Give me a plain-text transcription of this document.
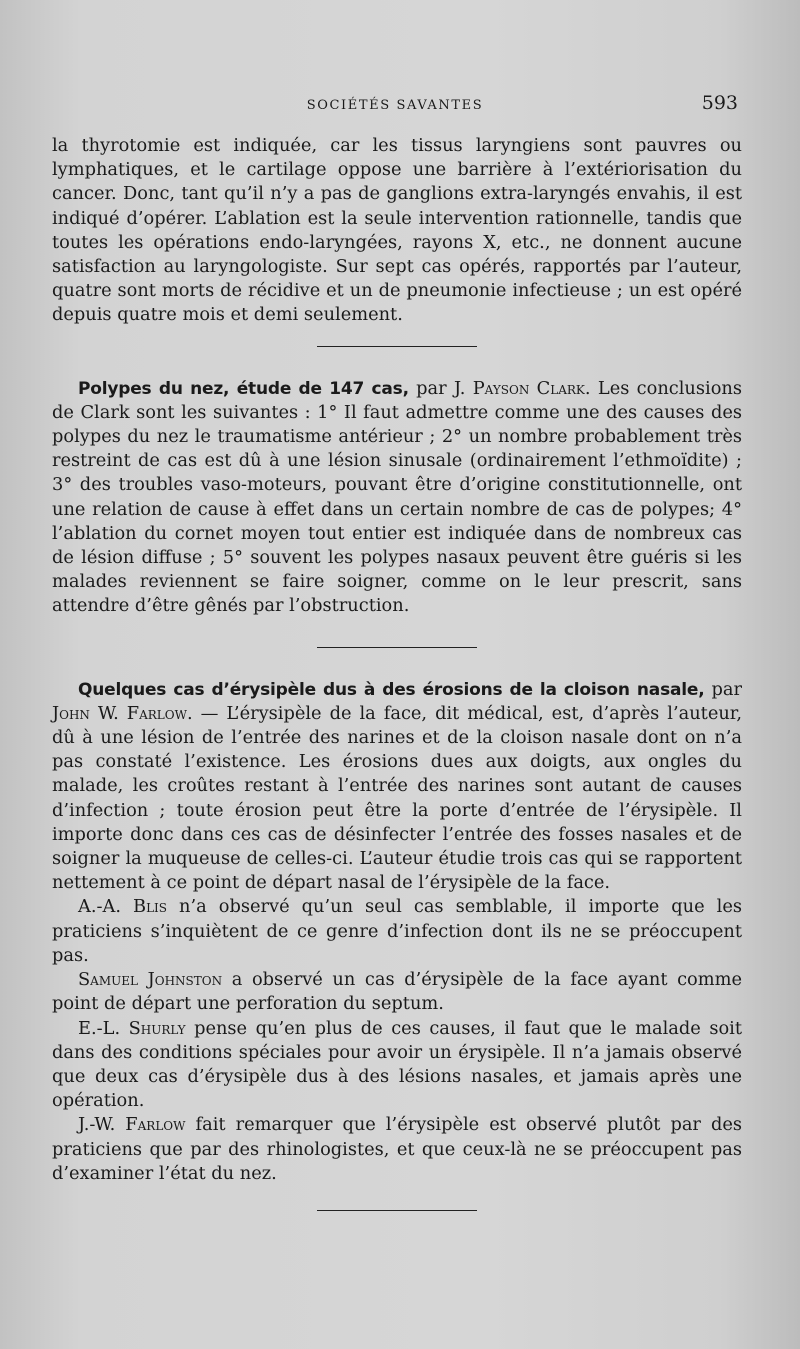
SOCIÉTÉS SAVANTES	593

la thyrotomie est indiquée, car les tissus laryngiens sont pauvres ou lymphatiques, et le cartilage oppose une barrière à l’extériorisation du cancer. Donc, tant qu’il n’y a pas de ganglions extra-laryngés envahis, il est indiqué d’opérer. L’ablation est la seule intervention rationnelle, tandis que toutes les opérations endo-laryngées, rayons X, etc., ne donnent aucune satisfaction au laryngologiste. Sur sept cas opérés, rapportés par l’auteur, quatre sont morts de récidive et un de pneumonie infectieuse ; un est opéré depuis quatre mois et demi seulement.

Polypes du nez, étude de 147 cas, par J. Payson Clark. Les conclusions de Clark sont les suivantes : 1° Il faut admettre comme une des causes des polypes du nez le traumatisme antérieur ; 2° un nombre probablement très restreint de cas est dû à une lésion sinusale (ordinairement l’ethmoïdite) ; 3° des troubles vaso-moteurs, pouvant être d’origine constitutionnelle, ont une relation de cause à effet dans un certain nombre de cas de polypes; 4° l’ablation du cornet moyen tout entier est indiquée dans de nombreux cas de lésion diffuse ; 5° souvent les polypes nasaux peuvent être guéris si les malades reviennent se faire soigner, comme on le leur prescrit, sans attendre d’être gênés par l’obstruction.

Quelques cas d’érysipèle dus à des érosions de la cloison nasale, par John W. Farlow. — L’érysipèle de la face, dit médical, est, d’après l’auteur, dû à une lésion de l’entrée des narines et de la cloison nasale dont on n’a pas constaté l’existence. Les érosions dues aux doigts, aux ongles du malade, les croûtes restant à l’entrée des narines sont autant de causes d’infection ; toute érosion peut être la porte d’entrée de l’érysipèle. Il importe donc dans ces cas de désinfecter l’entrée des fosses nasales et de soigner la muqueuse de celles-ci. L’auteur étudie trois cas qui se rapportent nettement à ce point de départ nasal de l’érysipèle de la face.

A.-A. Blis n’a observé qu’un seul cas semblable, il importe que les praticiens s’inquiètent de ce genre d’infection dont ils ne se préoccupent pas.

Samuel Johnston a observé un cas d’érysipèle de la face ayant comme point de départ une perforation du septum.

E.-L. Shurly pense qu’en plus de ces causes, il faut que le malade soit dans des conditions spéciales pour avoir un érysipèle. Il n’a jamais observé que deux cas d’érysipèle dus à des lésions nasales, et jamais après une opération.

J.-W. Farlow fait remarquer que l’érysipèle est observé plutôt par des praticiens que par des rhinologistes, et que ceux-là ne se préoccupent pas d’examiner l’état du nez.
